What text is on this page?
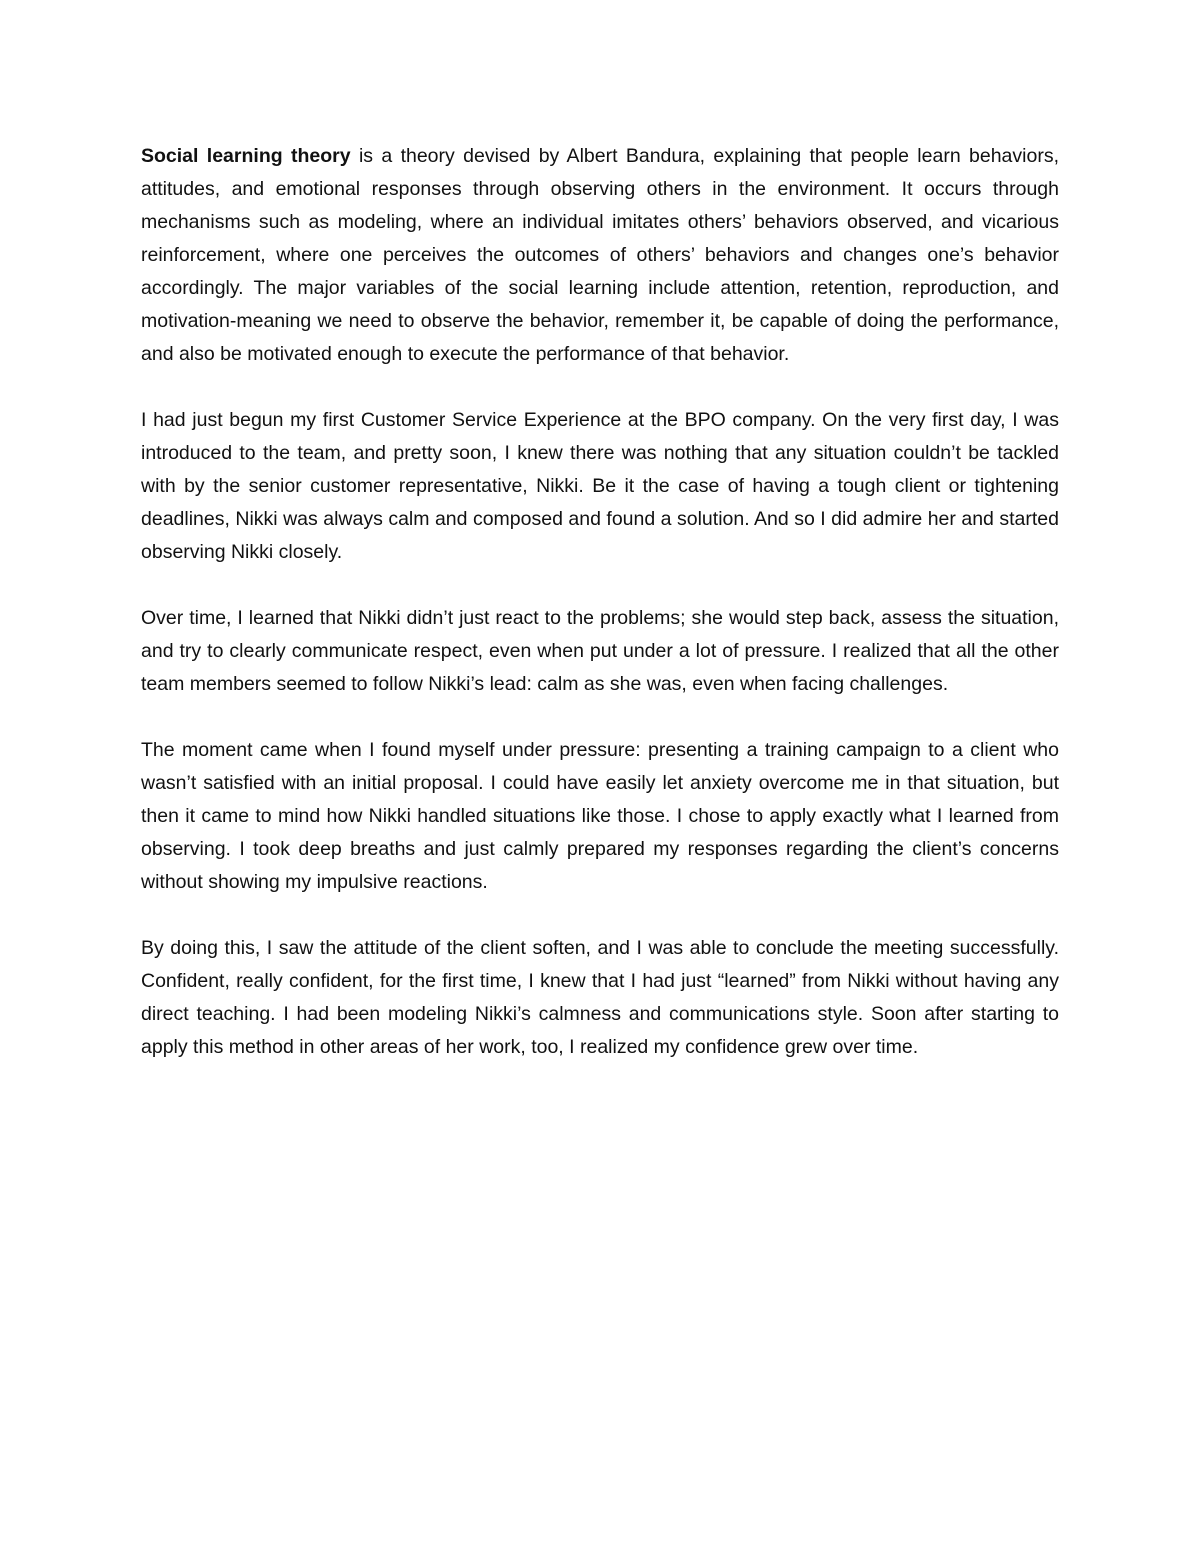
Social learning theory is a theory devised by Albert Bandura, explaining that people learn behaviors, attitudes, and emotional responses through observing others in the environment. It occurs through mechanisms such as modeling, where an individual imitates others’ behaviors observed, and vicarious reinforcement, where one perceives the outcomes of others’ behaviors and changes one’s behavior accordingly. The major variables of the social learning include attention, retention, reproduction, and motivation-meaning we need to observe the behavior, remember it, be capable of doing the performance, and also be motivated enough to execute the performance of that behavior.

I had just begun my first Customer Service Experience at the BPO company. On the very first day, I was introduced to the team, and pretty soon, I knew there was nothing that any situation couldn’t be tackled with by the senior customer representative, Nikki. Be it the case of having a tough client or tightening deadlines, Nikki was always calm and composed and found a solution. And so I did admire her and started observing Nikki closely.

Over time, I learned that Nikki didn’t just react to the problems; she would step back, assess the situation, and try to clearly communicate respect, even when put under a lot of pressure. I realized that all the other team members seemed to follow Nikki’s lead: calm as she was, even when facing challenges.

The moment came when I found myself under pressure: presenting a training campaign to a client who wasn’t satisfied with an initial proposal. I could have easily let anxiety overcome me in that situation, but then it came to mind how Nikki handled situations like those. I chose to apply exactly what I learned from observing. I took deep breaths and just calmly prepared my responses regarding the client’s concerns without showing my impulsive reactions.

By doing this, I saw the attitude of the client soften, and I was able to conclude the meeting successfully. Confident, really confident, for the first time, I knew that I had just “learned” from Nikki without having any direct teaching. I had been modeling Nikki’s calmness and communications style. Soon after starting to apply this method in other areas of her work, too, I realized my confidence grew over time.
